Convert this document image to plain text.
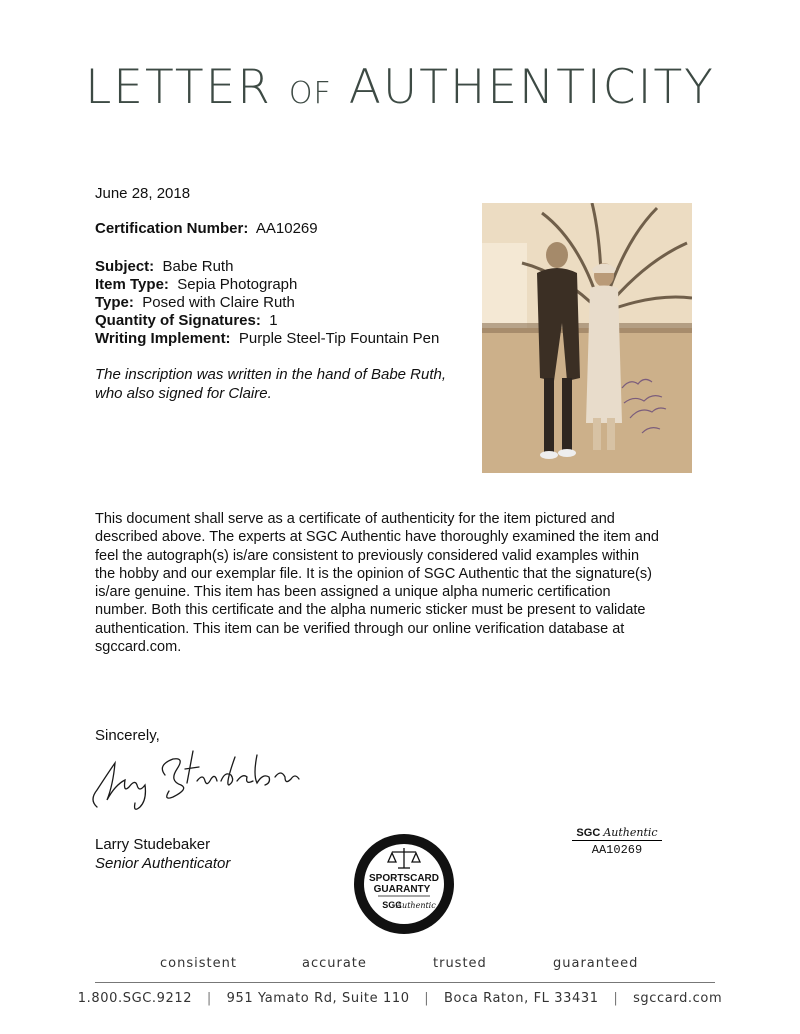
LETTER OF AUTHENTICITY
June 28, 2018
Certification Number: AA10269
Subject: Babe Ruth
Item Type: Sepia Photograph
Type: Posed with Claire Ruth
Quantity of Signatures: 1
Writing Implement: Purple Steel-Tip Fountain Pen
The inscription was written in the hand of Babe Ruth,
who also signed for Claire.
This document shall serve as a certificate of authenticity for the item pictured and
described above. The experts at SGC Authentic have thoroughly examined the item and
feel the autograph(s) is/are consistent to previously considered valid examples within
the hobby and our exemplar file. It is the opinion of SGC Authentic that the signature(s)
is/are genuine. This item has been assigned a unique alpha numeric certification
number. Both this certificate and the alpha numeric sticker must be present to validate
authentication. This item can be verified through our online verification database at
sgccard.com.
Sincerely,
Larry Studebaker
Senior Authenticator
SPORTSCARD
GUARANTY
SGC
Authentic
SGC Authentic
AA10269
consistent	accurate	trusted	guaranteed
1.800.SGC.9212 | 951 Yamato Rd, Suite 110 | Boca Raton, FL 33431 | sgccard.com
